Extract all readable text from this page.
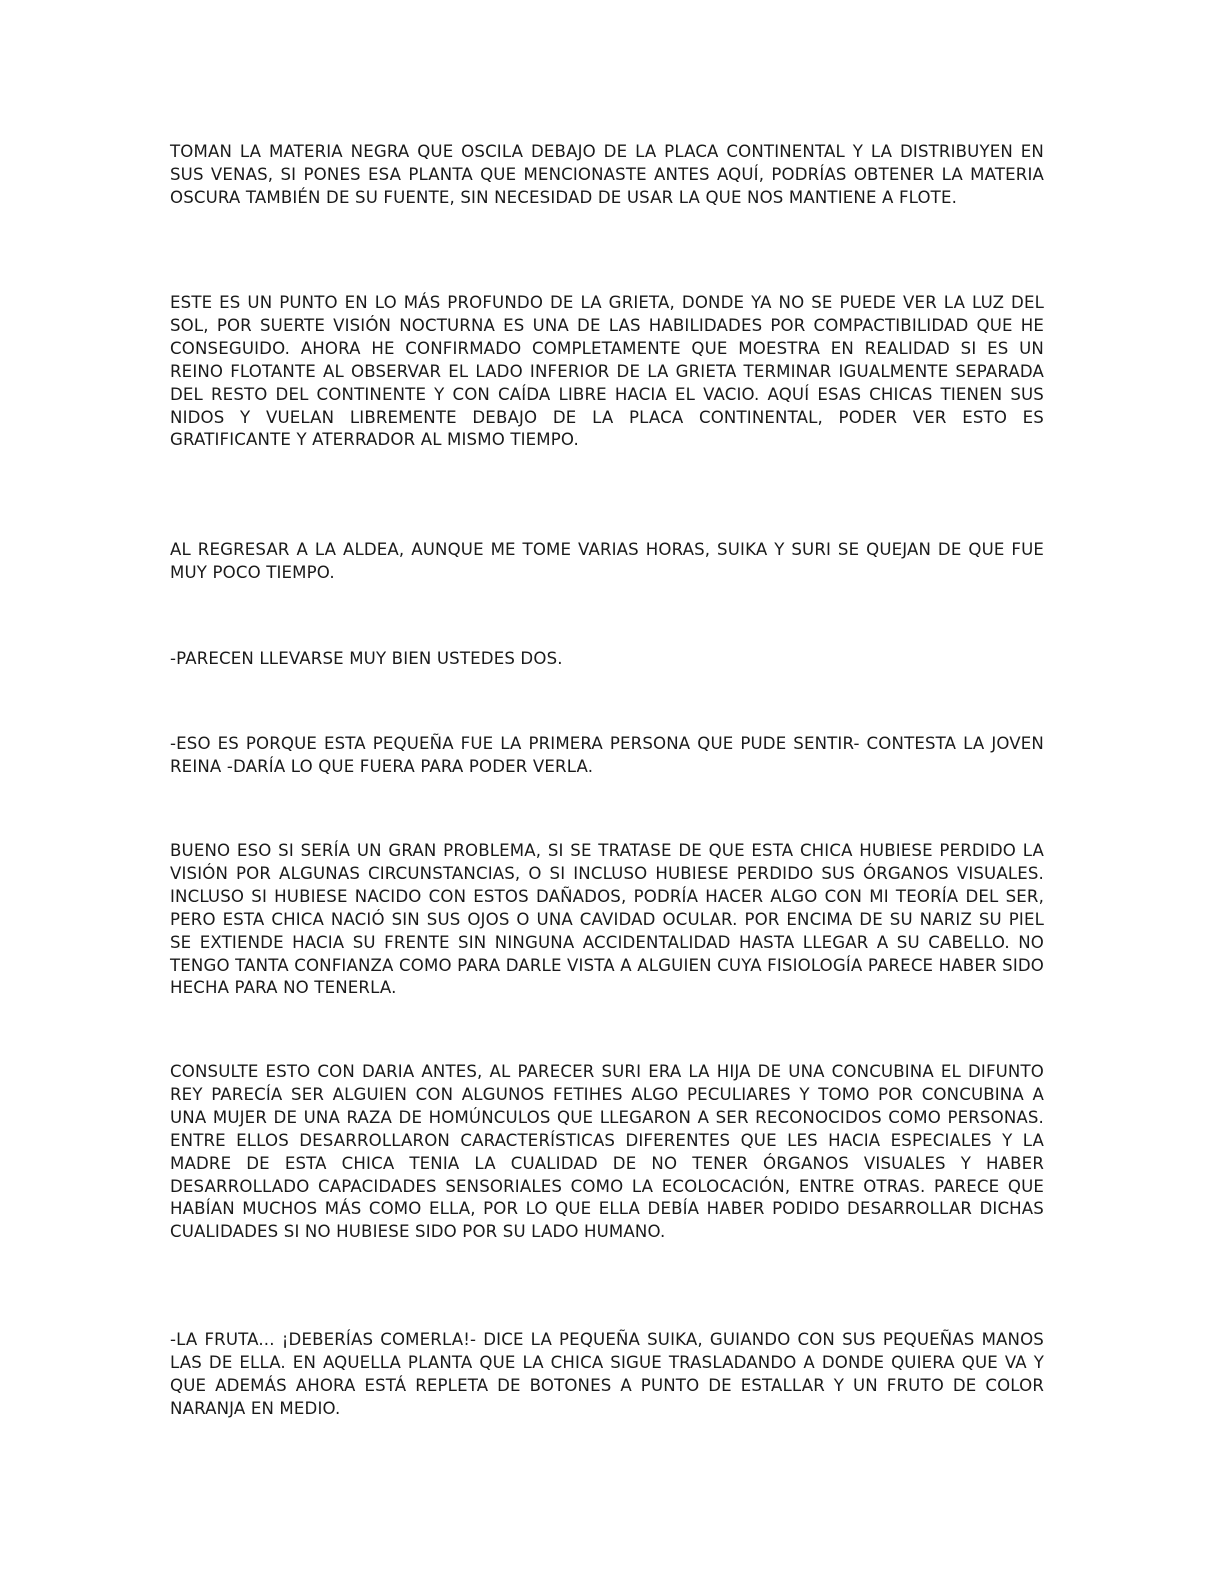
TOMAN LA MATERIA NEGRA QUE OSCILA DEBAJO DE LA PLACA CONTINENTAL Y LA DISTRIBUYEN EN SUS VENAS, SI PONES ESA PLANTA QUE MENCIONASTE ANTES AQUÍ, PODRÍAS OBTENER LA MATERIA OSCURA TAMBIÉN DE SU FUENTE, SIN NECESIDAD DE USAR LA QUE NOS MANTIENE A FLOTE.

ESTE ES UN PUNTO EN LO MÁS PROFUNDO DE LA GRIETA, DONDE YA NO SE PUEDE VER LA LUZ DEL SOL, POR SUERTE VISIÓN NOCTURNA ES UNA DE LAS HABILIDADES POR COMPACTIBILIDAD QUE HE CONSEGUIDO. AHORA HE CONFIRMADO COMPLETAMENTE QUE MOESTRA EN REALIDAD SI ES UN REINO FLOTANTE AL OBSERVAR EL LADO INFERIOR DE LA GRIETA TERMINAR IGUALMENTE SEPARADA DEL RESTO DEL CONTINENTE Y CON CAÍDA LIBRE HACIA EL VACIO. AQUÍ ESAS CHICAS TIENEN SUS NIDOS Y VUELAN LIBREMENTE DEBAJO DE LA PLACA CONTINENTAL, PODER VER ESTO ES GRATIFICANTE Y ATERRADOR AL MISMO TIEMPO.

AL REGRESAR A LA ALDEA, AUNQUE ME TOME VARIAS HORAS, SUIKA Y SURI SE QUEJAN DE QUE FUE MUY POCO TIEMPO.

-PARECEN LLEVARSE MUY BIEN USTEDES DOS.

-ESO ES PORQUE ESTA PEQUEÑA FUE LA PRIMERA PERSONA QUE PUDE SENTIR- CONTESTA LA JOVEN REINA -DARÍA LO QUE FUERA PARA PODER VERLA.

BUENO ESO SI SERÍA UN GRAN PROBLEMA, SI SE TRATASE DE QUE ESTA CHICA HUBIESE PERDIDO LA VISIÓN POR ALGUNAS CIRCUNSTANCIAS, O SI INCLUSO HUBIESE PERDIDO SUS ÓRGANOS VISUALES. INCLUSO SI HUBIESE NACIDO CON ESTOS DAÑADOS, PODRÍA HACER ALGO CON MI TEORÍA DEL SER, PERO ESTA CHICA NACIÓ SIN SUS OJOS O UNA CAVIDAD OCULAR. POR ENCIMA DE SU NARIZ SU PIEL SE EXTIENDE HACIA SU FRENTE SIN NINGUNA ACCIDENTALIDAD HASTA LLEGAR A SU CABELLO. NO TENGO TANTA CONFIANZA COMO PARA DARLE VISTA A ALGUIEN CUYA FISIOLOGÍA PARECE HABER SIDO HECHA PARA NO TENERLA.

CONSULTE ESTO CON DARIA ANTES, AL PARECER SURI ERA LA HIJA DE UNA CONCUBINA EL DIFUNTO REY PARECÍA SER ALGUIEN CON ALGUNOS FETIHES ALGO PECULIARES Y TOMO POR CONCUBINA A UNA MUJER DE UNA RAZA DE HOMÚNCULOS QUE LLEGARON A SER RECONOCIDOS COMO PERSONAS. ENTRE ELLOS DESARROLLARON CARACTERÍSTICAS DIFERENTES QUE LES HACIA ESPECIALES Y LA MADRE DE ESTA CHICA TENIA LA CUALIDAD DE NO TENER ÓRGANOS VISUALES Y HABER DESARROLLADO CAPACIDADES SENSORIALES COMO LA ECOLOCACIÓN, ENTRE OTRAS. PARECE QUE HABÍAN MUCHOS MÁS COMO ELLA, POR LO QUE ELLA DEBÍA HABER PODIDO DESARROLLAR DICHAS CUALIDADES SI NO HUBIESE SIDO POR SU LADO HUMANO.

-LA FRUTA... ¡DEBERÍAS COMERLA!- DICE LA PEQUEÑA SUIKA, GUIANDO CON SUS PEQUEÑAS MANOS LAS DE ELLA. EN AQUELLA PLANTA QUE LA CHICA SIGUE TRASLADANDO A DONDE QUIERA QUE VA Y QUE ADEMÁS AHORA ESTÁ REPLETA DE BOTONES A PUNTO DE ESTALLAR Y UN FRUTO DE COLOR NARANJA EN MEDIO.
